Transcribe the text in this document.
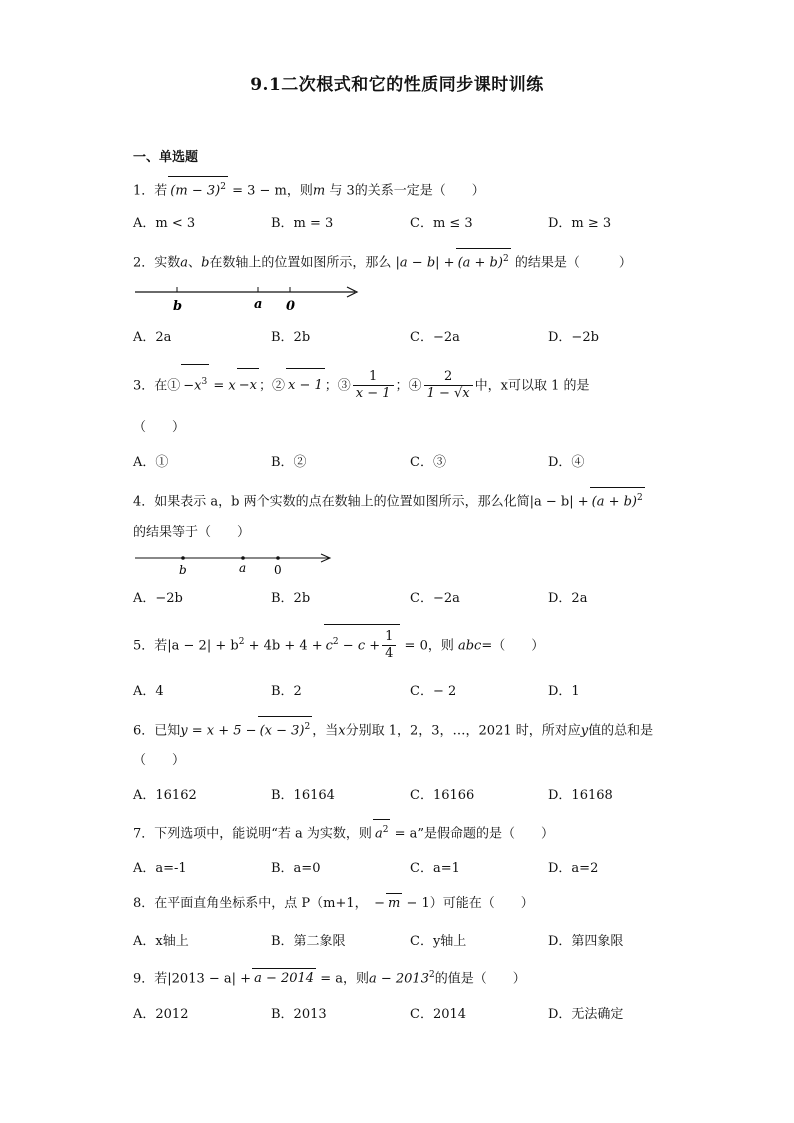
9.1二次根式和它的性质同步课时训练
一、单选题
1．若 $(m - 3)^2 = 3 - m$，则m 与 3的关系一定是（　　）
A．m < 3	B．m = 3	C．m ≤ 3	D．m ≥ 3
2．实数a、b在数轴上的位置如图所示，那么 $|a - b| + (a + b)^2$ 的结果是（　　　）
b	a 0
A．2a	B．2b	C．−2a	D．−2b
3．在① $-x^3 = x -x$ ；② x − 1 ；③ $\frac{1}{x - 1}$ ；④ $\frac{2}{1 - √x}$ 中，x可以取 1 的是
（　　）
A．①	B．②	C．③	D．④
4．如果表示 a，b 两个实数的点在数轴上的位置如图所示，那么化简$|a - b| + (a + b)^2$
的结果等于（　　）
b	a 0
A．−2b	B．2b	C．−2a	D．2a
5．若$|a - 2| + b^2 + 4b + 4 + c^2 - c + \frac{1}{4} = 0$，则 abc=（　　）
A．4	B．2	C．− 2	D．1
6．已知$y = x + 5 - (x - 3)^2$ ，当x分别取 1，2，3，…，2021 时，所对应y值的总和是
（　　）
A．16162	B．16164	C．16166	D．16168
7．下列选项中，能说明“若 a 为实数，则 $a^2 = a$”是假命题的是（　　）
A．a=-1	B．a=0	C．a=1	D．a=2
8．在平面直角坐标系中，点 P（m+1，　− m − 1）可能在（　　）
A．x轴上	B．第二象限	C．y轴上	D．第四象限
9．若|2013 − a| + a − 2014 = a，则$a - 2013^2$的值是（　　）
A．2012	B．2013	C．2014	D．无法确定
